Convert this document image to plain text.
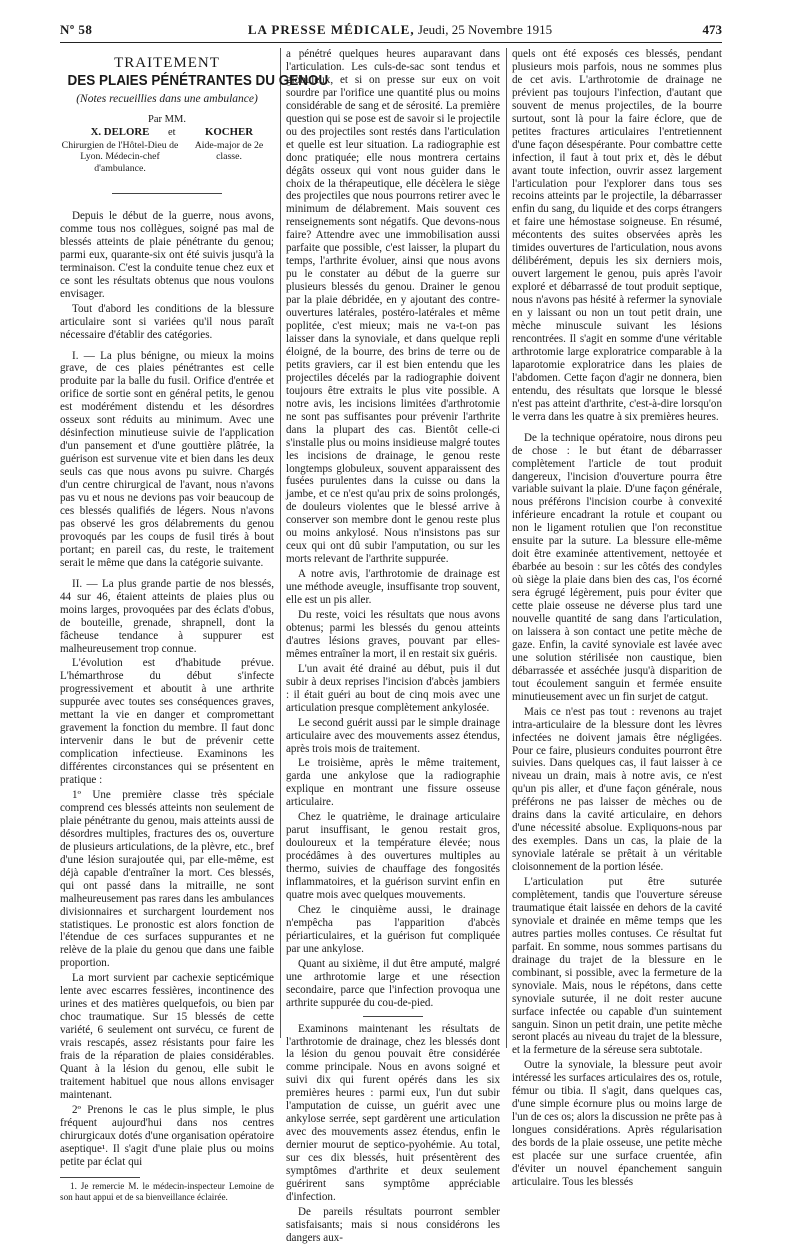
Nº 58	LA PRESSE MÉDICALE, Jeudi, 25 Novembre 1915	473
TRAITEMENT
DES PLAIES PÉNÉTRANTES DU GENOU
(Notes recueillies dans une ambulance)
Par MM.
X. DELORE
Chirurgien de l'Hôtel-Dieu de Lyon. Médecin-chef d'ambulance.
et	KOCHER
Aide-major de 2e classe.

Depuis le début de la guerre, nous avons, comme tous nos collègues, soigné pas mal de blessés atteints de plaie pénétrante du genou; parmi eux, quarante-six ont été suivis jusqu'à la terminaison. C'est la conduite tenue chez eux et ce sont les résultats obtenus que nous voulons envisager.

Tout d'abord les conditions de la blessure articulaire sont si variées qu'il nous paraît nécessaire d'établir des catégories.

I. — La plus bénigne, ou mieux la moins grave, de ces plaies pénétrantes est celle produite par la balle du fusil. Orifice d'entrée et orifice de sortie sont en général petits, le genou est modérément distendu et les désordres osseux sont réduits au minimum. Avec une désinfection minutieuse suivie de l'application d'un pansement et d'une gouttière plâtrée, la guérison est survenue vite et bien dans les deux seuls cas que nous avons pu suivre. Chargés d'un centre chirurgical de l'avant, nous n'avons pas vu et nous ne devions pas voir beaucoup de ces blessés qualifiés de légers. Nous n'avons pas observé les gros délabrements du genou provoqués par les coups de fusil tirés à bout portant; en pareil cas, du reste, le traitement serait le même que dans la catégorie suivante.

II. — La plus grande partie de nos blessés, 44 sur 46, étaient atteints de plaies plus ou moins larges, provoquées par des éclats d'obus, de bouteille, grenade, shrapnell, dont la fâcheuse tendance à suppurer est malheureusement trop connue.

L'évolution est d'habitude prévue. L'hémarthrose du début s'infecte progressivement et aboutit à une arthrite suppurée avec toutes ses conséquences graves, mettant la vie en danger et compromettant gravement la fonction du membre. Il faut donc intervenir dans le but de prévenir cette complication infectieuse. Examinons les différentes circonstances qui se présentent en pratique :

1º Une première classe très spéciale comprend ces blessés atteints non seulement de plaie pénétrante du genou, mais atteints aussi de désordres multiples, fractures des os, ouverture de plusieurs articulations, de la plèvre, etc., bref d'une lésion surajoutée qui, par elle-même, est déjà capable d'entraîner la mort. Ces blessés, qui ont passé dans la mitraille, ne sont malheureusement pas rares dans les ambulances divisionnaires et surchargent lourdement nos statistiques. Le pronostic est alors fonction de l'étendue de ces surfaces suppurantes et ne relève de la plaie du genou que dans une faible proportion.

La mort survient par cachexie septicémique lente avec escarres fessières, incontinence des urines et des matières quelquefois, ou bien par choc traumatique. Sur 15 blessés de cette variété, 6 seulement ont survécu, ce furent de vrais rescapés, assez résistants pour faire les frais de la réparation de plaies considérables. Quant à la lésion du genou, elle subit le traitement habituel que nous allons envisager maintenant.

2º Prenons le cas le plus simple, le plus fréquent aujourd'hui dans nos centres chirurgicaux dotés d'une organisation opératoire aseptique¹. Il s'agit d'une plaie plus ou moins petite par éclat qui

1. Je remercie M. le médecin-inspecteur Lemoine de son haut appui et de sa bienveillance éclairée.

a pénétré quelques heures auparavant dans l'articulation. Les culs-de-sac sont tendus et globuleux, et si on presse sur eux on voit sourdre par l'orifice une quantité plus ou moins considérable de sang et de sérosité. La première question qui se pose est de savoir si le projectile ou des projectiles sont restés dans l'articulation et quelle est leur situation. La radiographie est donc pratiquée; elle nous montrera certains dégâts osseux qui vont nous guider dans le choix de la thérapeutique, elle décèlera le siège des projectiles que nous pourrons retirer avec le minimum de délabrement. Mais souvent ces renseignements sont négatifs. Que devons-nous faire? Attendre avec une immobilisation aussi parfaite que possible, c'est laisser, la plupart du temps, l'arthrite évoluer, ainsi que nous avons pu le constater au début de la guerre sur plusieurs blessés du genou. Drainer le genou par la plaie débridée, en y ajoutant des contre-ouvertures latérales, postéro-latérales et même poplitée, c'est mieux; mais ne va-t-on pas laisser dans la synoviale, et dans quelque repli éloigné, de la bourre, des brins de terre ou de petits graviers, car il est bien entendu que les projectiles décelés par la radiographie doivent toujours être extraits le plus vite possible. A notre avis, les incisions limitées d'arthrotomie ne sont pas suffisantes pour prévenir l'arthrite dans la plupart des cas. Bientôt celle-ci s'installe plus ou moins insidieuse malgré toutes les incisions de drainage, le genou reste longtemps globuleux, souvent apparaissent des fusées purulentes dans la cuisse ou dans la jambe, et ce n'est qu'au prix de soins prolongés, de douleurs violentes que le blessé arrive à conserver son membre dont le genou reste plus ou moins ankylosé. Nous n'insistons pas sur ceux qui ont dû subir l'amputation, ou sur les morts relevant de l'arthrite suppurée.

A notre avis, l'arthrotomie de drainage est une méthode aveugle, insuffisante trop souvent, elle est un pis aller.

Du reste, voici les résultats que nous avons obtenus; parmi les blessés du genou atteints d'autres lésions graves, pouvant par elles-mêmes entraîner la mort, il en restait six guéris.

L'un avait été drainé au début, puis il dut subir à deux reprises l'incision d'abcès jambiers : il était guéri au bout de cinq mois avec une articulation presque complètement ankylosée.

Le second guérit aussi par le simple drainage articulaire avec des mouvements assez étendus, après trois mois de traitement.

Le troisième, après le même traitement, garda une ankylose que la radiographie explique en montrant une fissure osseuse articulaire.

Chez le quatrième, le drainage articulaire parut insuffisant, le genou restait gros, douloureux et la température élevée; nous procédâmes à des ouvertures multiples au thermo, suivies de chauffage des fongosités inflammatoires, et la guérison survint enfin en quatre mois avec quelques mouvements.

Chez le cinquième aussi, le drainage n'empêcha pas l'apparition d'abcès périarticulaires, et la guérison fut compliquée par une ankylose.

Quant au sixième, il dut être amputé, malgré une arthrotomie large et une résection secondaire, parce que l'infection provoqua une arthrite suppurée du cou-de-pied.

Examinons maintenant les résultats de l'arthrotomie de drainage, chez les blessés dont la lésion du genou pouvait être considérée comme principale. Nous en avons soigné et suivi dix qui furent opérés dans les six premières heures : parmi eux, l'un dut subir l'amputation de cuisse, un guérit avec une ankylose serrée, sept gardèrent une articulation avec des mouvements assez étendus, enfin le dernier mourut de septico-pyohémie. Au total, sur ces dix blessés, huit présentèrent des symptômes d'arthrite et deux seulement guérirent sans symptôme appréciable d'infection.

De pareils résultats pourront sembler satisfaisants; mais si nous considérons les dangers aux-

quels ont été exposés ces blessés, pendant plusieurs mois parfois, nous ne sommes plus de cet avis. L'arthrotomie de drainage ne prévient pas toujours l'infection, d'autant que souvent de menus projectiles, de la bourre surtout, sont là pour la faire éclore, que de petites fractures articulaires l'entretiennent d'une façon désespérante. Pour combattre cette infection, il faut à tout prix et, dès le début avant toute infection, ouvrir assez largement l'articulation pour l'explorer dans tous ses recoins atteints par le projectile, la débarrasser enfin du sang, du liquide et des corps étrangers et faire une hémostase soigneuse. En résumé, mécontents des suites observées après les timides ouvertures de l'articulation, nous avons délibérément, depuis les six derniers mois, ouvert largement le genou, puis après l'avoir exploré et débarrassé de tout produit septique, nous n'avons pas hésité à refermer la synoviale en y laissant ou non un tout petit drain, une mèche minuscule suivant les lésions rencontrées. Il s'agit en somme d'une véritable arthrotomie large exploratrice comparable à la laparotomie exploratrice dans les plaies de l'abdomen. Cette façon d'agir ne donnera, bien entendu, des résultats que lorsque le blessé n'est pas atteint d'arthrite, c'est-à-dire lorsqu'on le verra dans les quatre à six premières heures.

De la technique opératoire, nous dirons peu de chose : le but étant de débarrasser complètement l'article de tout produit dangereux, l'incision d'ouverture pourra être variable suivant la plaie. D'une façon générale, nous préférons l'incision courbe à convexité inférieure encadrant la rotule et coupant ou non le ligament rotulien que l'on reconstitue ensuite par la suture. La blessure elle-même doit être examinée attentivement, nettoyée et ébarbée au besoin : sur les côtés des condyles où siège la plaie dans bien des cas, l'os écorné sera égrugé légèrement, puis pour éviter que cette plaie osseuse ne déverse plus tard une nouvelle quantité de sang dans l'articulation, on laissera à son contact une petite mèche de gaze. Enfin, la cavité synoviale est lavée avec une solution stérilisée non caustique, bien débarrassée et asséchée jusqu'à disparition de tout écoulement sanguin et fermée ensuite minutieusement avec un fin surjet de catgut.

Mais ce n'est pas tout : revenons au trajet intra-articulaire de la blessure dont les lèvres infectées ne doivent jamais être négligées. Pour ce faire, plusieurs conduites pourront être suivies. Dans quelques cas, il faut laisser à ce niveau un drain, mais à notre avis, ce n'est qu'un pis aller, et d'une façon générale, nous préférons ne pas laisser de mèches ou de drains dans la cavité articulaire, en dehors d'une nécessité absolue. Expliquons-nous par des exemples. Dans un cas, la plaie de la synoviale latérale se prêtait à un véritable cloisonnement de la portion lésée.

L'articulation put être suturée complètement, tandis que l'ouverture séreuse traumatique était laissée en dehors de la cavité synoviale et drainée en même temps que les autres parties molles contuses. Ce résultat fut parfait. En somme, nous sommes partisans du drainage du trajet de la blessure en le combinant, si possible, avec la fermeture de la synoviale. Mais, nous le répétons, dans cette synoviale suturée, il ne doit rester aucune surface infectée ou capable d'un suintement sanguin. Sinon un petit drain, une petite mèche seront placés au niveau du trajet de la blessure, et la fermeture de la séreuse sera subtotale.

Outre la synoviale, la blessure peut avoir intéressé les surfaces articulaires des os, rotule, fémur ou tibia. Il s'agit, dans quelques cas, d'une simple écornure plus ou moins large de l'un de ces os; alors la discussion ne prête pas à longues considérations. Après régularisation des bords de la plaie osseuse, une petite mèche est placée sur une surface cruentée, afin d'éviter un nouvel épanchement sanguin articulaire. Tous les blessés
